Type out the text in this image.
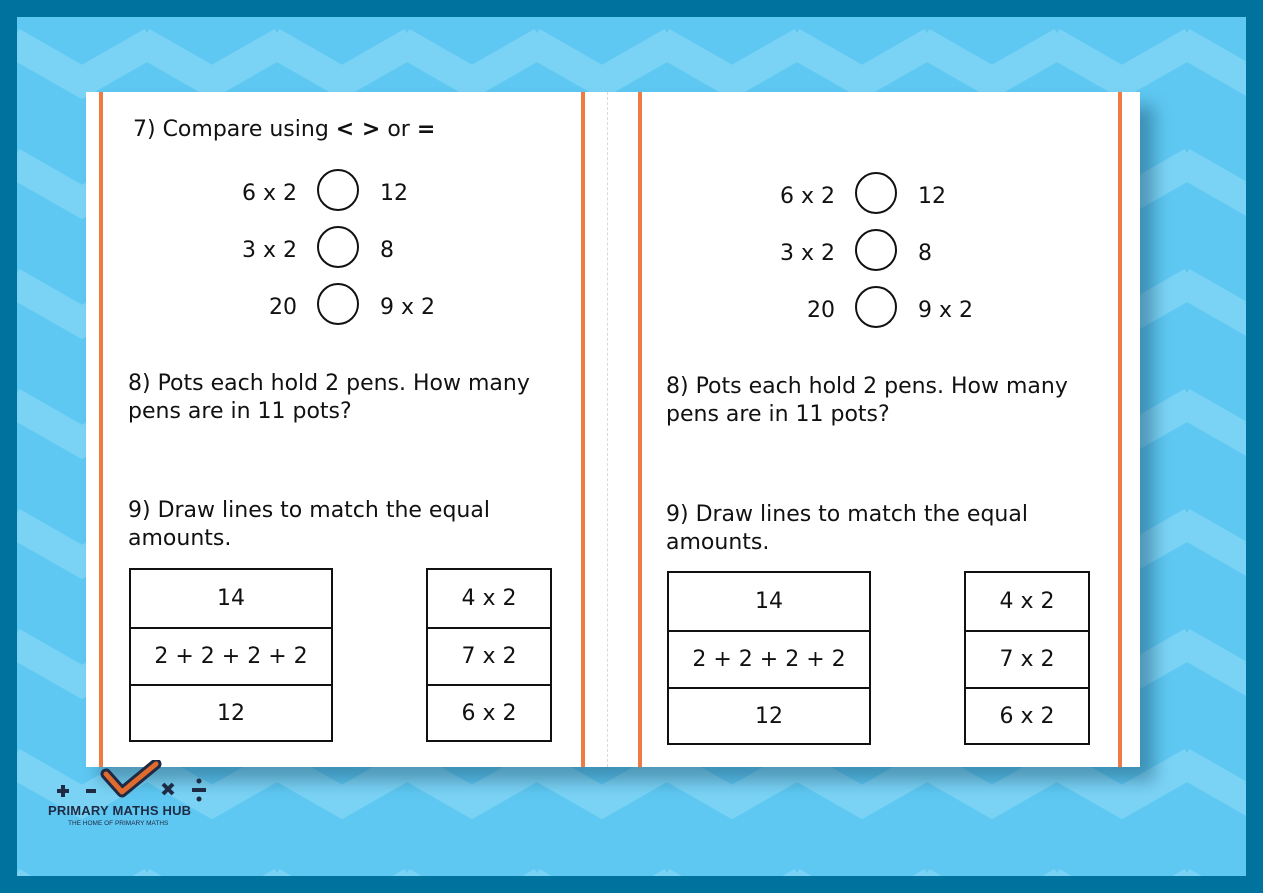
7) Compare using < > or =

6 x 2	12
3 x 2	8
20	9 x 2

8) Pots each hold 2 pens. How many pens are in 11 pots?

9) Draw lines to match the equal amounts.

14
2 + 2 + 2 + 2
12
4 x 2
7 x 2
6 x 2
6 x 2	12
3 x 2	8
20	9 x 2

8) Pots each hold 2 pens. How many pens are in 11 pots?

9) Draw lines to match the equal amounts.

14
2 + 2 + 2 + 2
12
4 x 2
7 x 2
6 x 2
PRIMARY MATHS HUB
THE HOME OF PRIMARY MATHS
